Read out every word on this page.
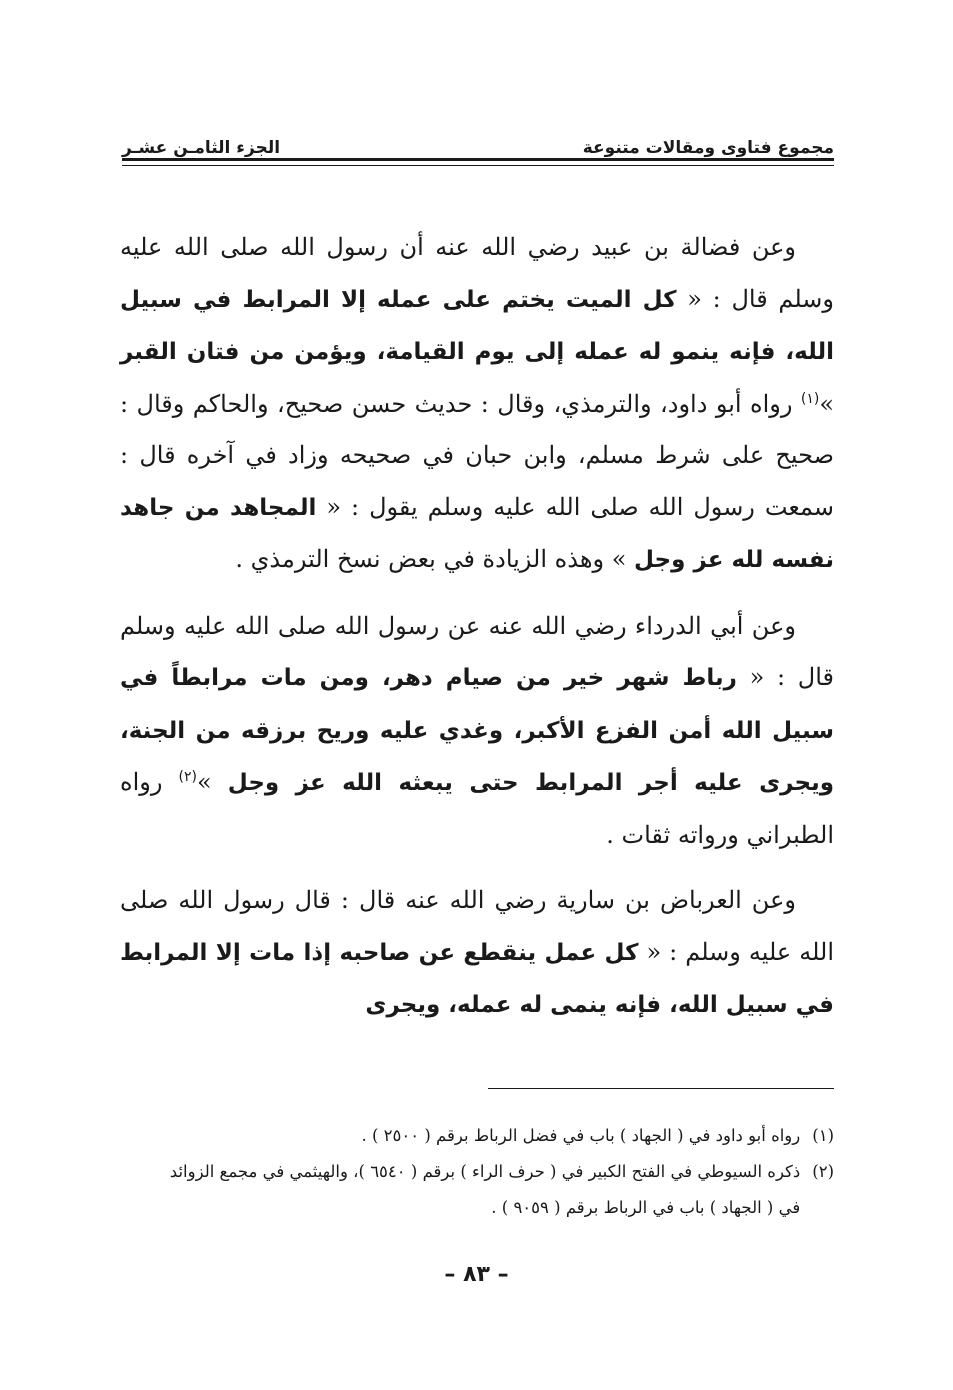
مجموع فتاوى ومقالات متنوعة
الجزء الثامـن عشـر

وعن فضالة بن عبيد رضي الله عنه أن رسول الله صلى الله عليه وسلم قال : « كل الميت يختم على عمله إلا المرابط في سبيل الله، فإنه ينمو له عمله إلى يوم القيامة، ويؤمن من فتان القبر »$^{(١)}$ رواه أبو داود، والترمذي، وقال : حديث حسن صحيح، والحاكم وقال : صحيح على شرط مسلم، وابن حبان في صحيحه وزاد في آخره قال : سمعت رسول الله صلى الله عليه وسلم يقول : « المجاهد من جاهد نفسه لله عز وجل » وهذه الزيادة في بعض نسخ الترمذي .

وعن أبي الدرداء رضي الله عنه عن رسول الله صلى الله عليه وسلم قال : « رباط شهر خير من صيام دهر، ومن مات مرابطاً في سبيل الله أمن الفزع الأكبر، وغدي عليه وريح برزقه من الجنة، ويجرى عليه أجر المرابط حتى يبعثه الله عز وجل »$^{(٢)}$ رواه الطبراني ورواته ثقات .

وعن العرباض بن سارية رضي الله عنه قال : قال رسول الله صلى الله عليه وسلم : « كل عمل ينقطع عن صاحبه إذا مات إلا المرابط في سبيل الله، فإنه ينمى له عمله، ويجرى

(١)
رواه أبو داود في ( الجهاد ) باب في فضل الرباط برقم ( ٢٥٠٠ ) .
(٢)
ذكره السيوطي في الفتح الكبير في ( حرف الراء ) برقم ( ٦٥٤٠ )، والهيثمي في مجمع الزوائد في ( الجهاد ) باب في الرباط برقم ( ٩٠٥٩ ) .
– ٨٣ –
